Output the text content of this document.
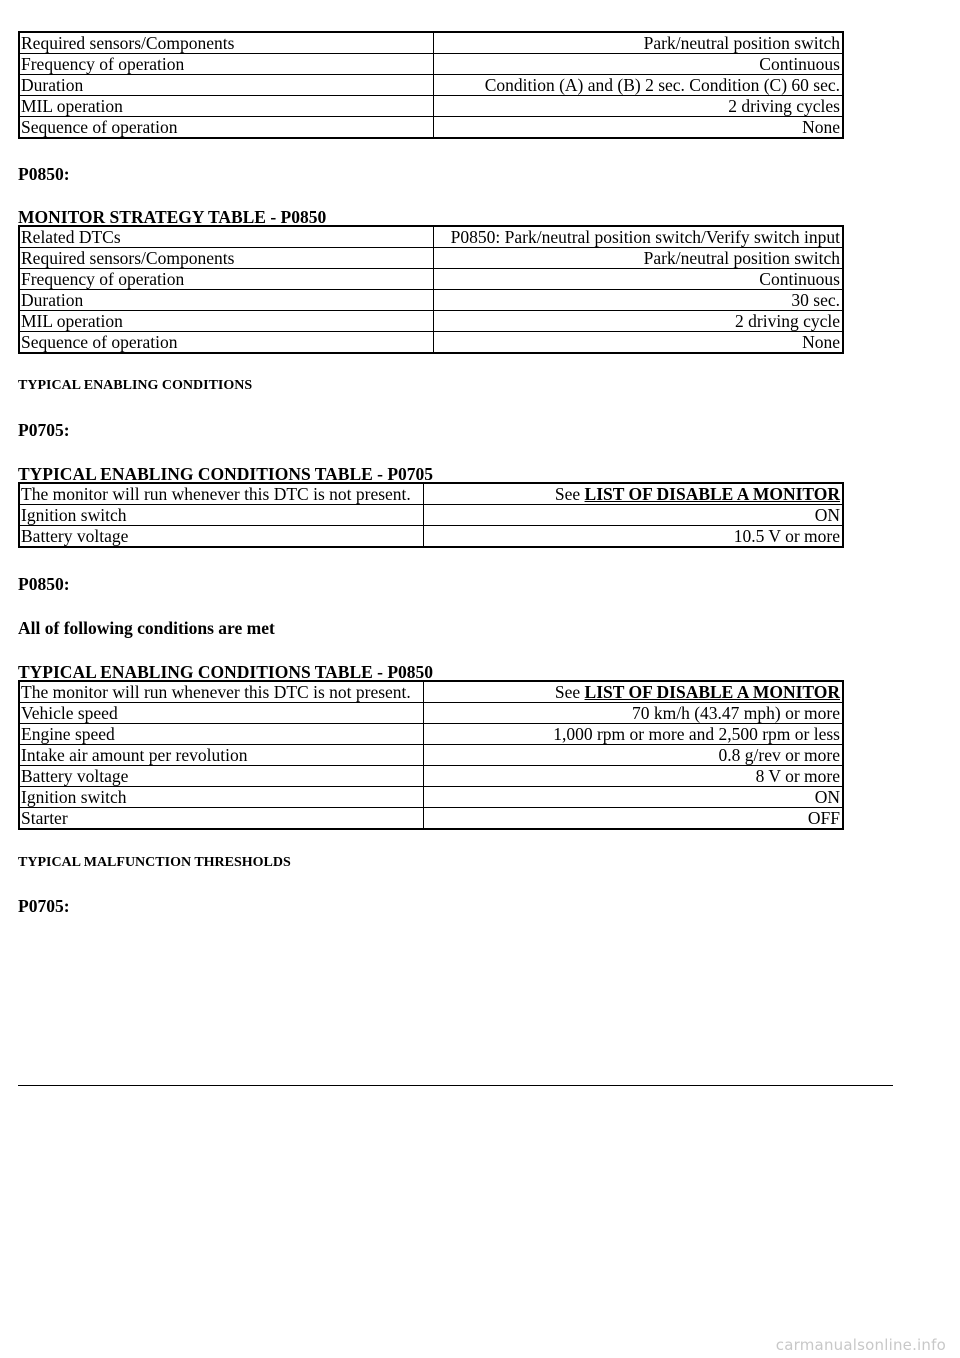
Required sensors/Components	Park/neutral position switch
Frequency of operation	Continuous
Duration	Condition (A) and (B) 2 sec. Condition (C) 60 sec.
MIL operation	2 driving cycles
Sequence of operation	None

P0850:

MONITOR STRATEGY TABLE - P0850

Related DTCs	P0850: Park/neutral position switch/Verify switch input
Required sensors/Components	Park/neutral position switch
Frequency of operation	Continuous
Duration	30 sec.
MIL operation	2 driving cycle
Sequence of operation	None

TYPICAL ENABLING CONDITIONS

P0705:

TYPICAL ENABLING CONDITIONS TABLE - P0705

The monitor will run whenever this DTC is not present.	See LIST OF DISABLE A MONITOR
Ignition switch	ON
Battery voltage	10.5 V or more

P0850:

All of following conditions are met

TYPICAL ENABLING CONDITIONS TABLE - P0850

The monitor will run whenever this DTC is not present.	See LIST OF DISABLE A MONITOR
Vehicle speed	70 km/h (43.47 mph) or more
Engine speed	1,000 rpm or more and 2,500 rpm or less
Intake air amount per revolution	0.8 g/rev or more
Battery voltage	8 V or more
Ignition switch	ON
Starter	OFF

TYPICAL MALFUNCTION THRESHOLDS

P0705:

carmanualsonline.info
